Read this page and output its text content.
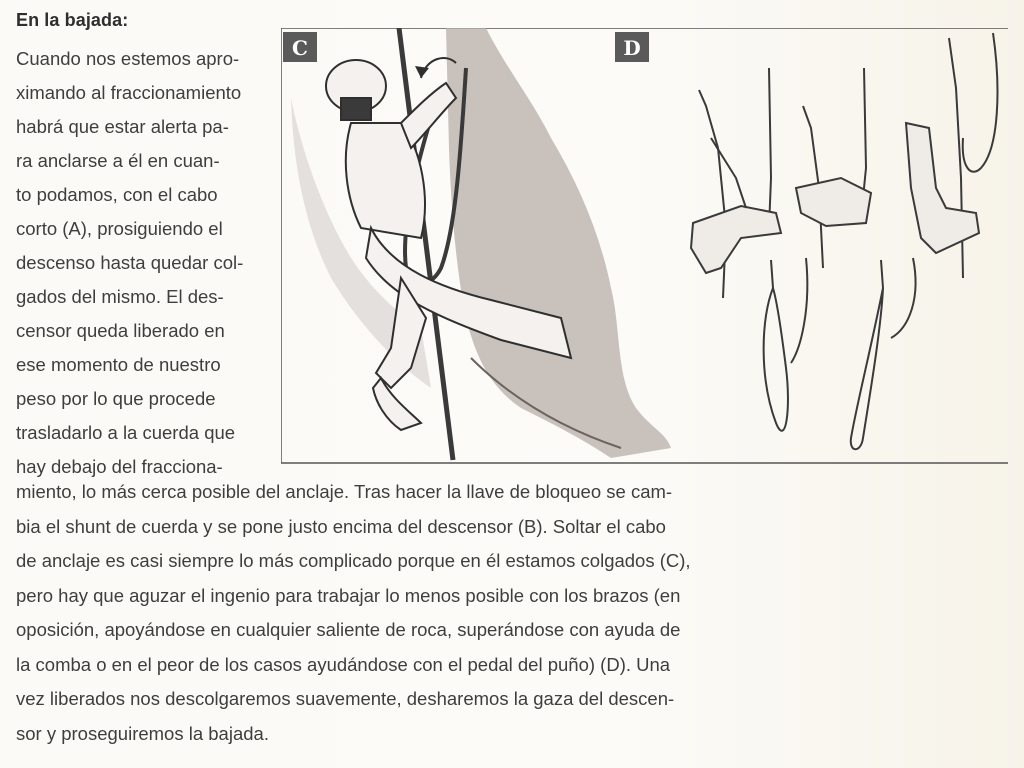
En la bajada:
Cuando nos estemos apro-
ximando al fraccionamiento
habrá que estar alerta pa-
ra anclarse a él en cuan-
to podamos, con el cabo
corto (A), prosiguiendo el
descenso hasta quedar col-
gados del mismo. El des-
censor queda liberado en
ese momento de nuestro
peso por lo que procede
trasladarlo a la cuerda que
hay debajo del fracciona-
miento, lo más cerca posible del anclaje. Tras hacer la llave de bloqueo se cam-
bia el shunt de cuerda y se pone justo encima del descensor (B). Soltar el cabo
de anclaje es casi siempre lo más complicado porque en él estamos colgados (C),
pero hay que aguzar el ingenio para trabajar lo menos posible con los brazos (en
oposición, apoyándose en cualquier saliente de roca, superándose con ayuda de
la comba o en el peor de los casos ayudándose con el pedal del puño) (D). Una
vez liberados nos descolgaremos suavemente, desharemos la gaza del descen-
sor y proseguiremos la bajada.
C	D
